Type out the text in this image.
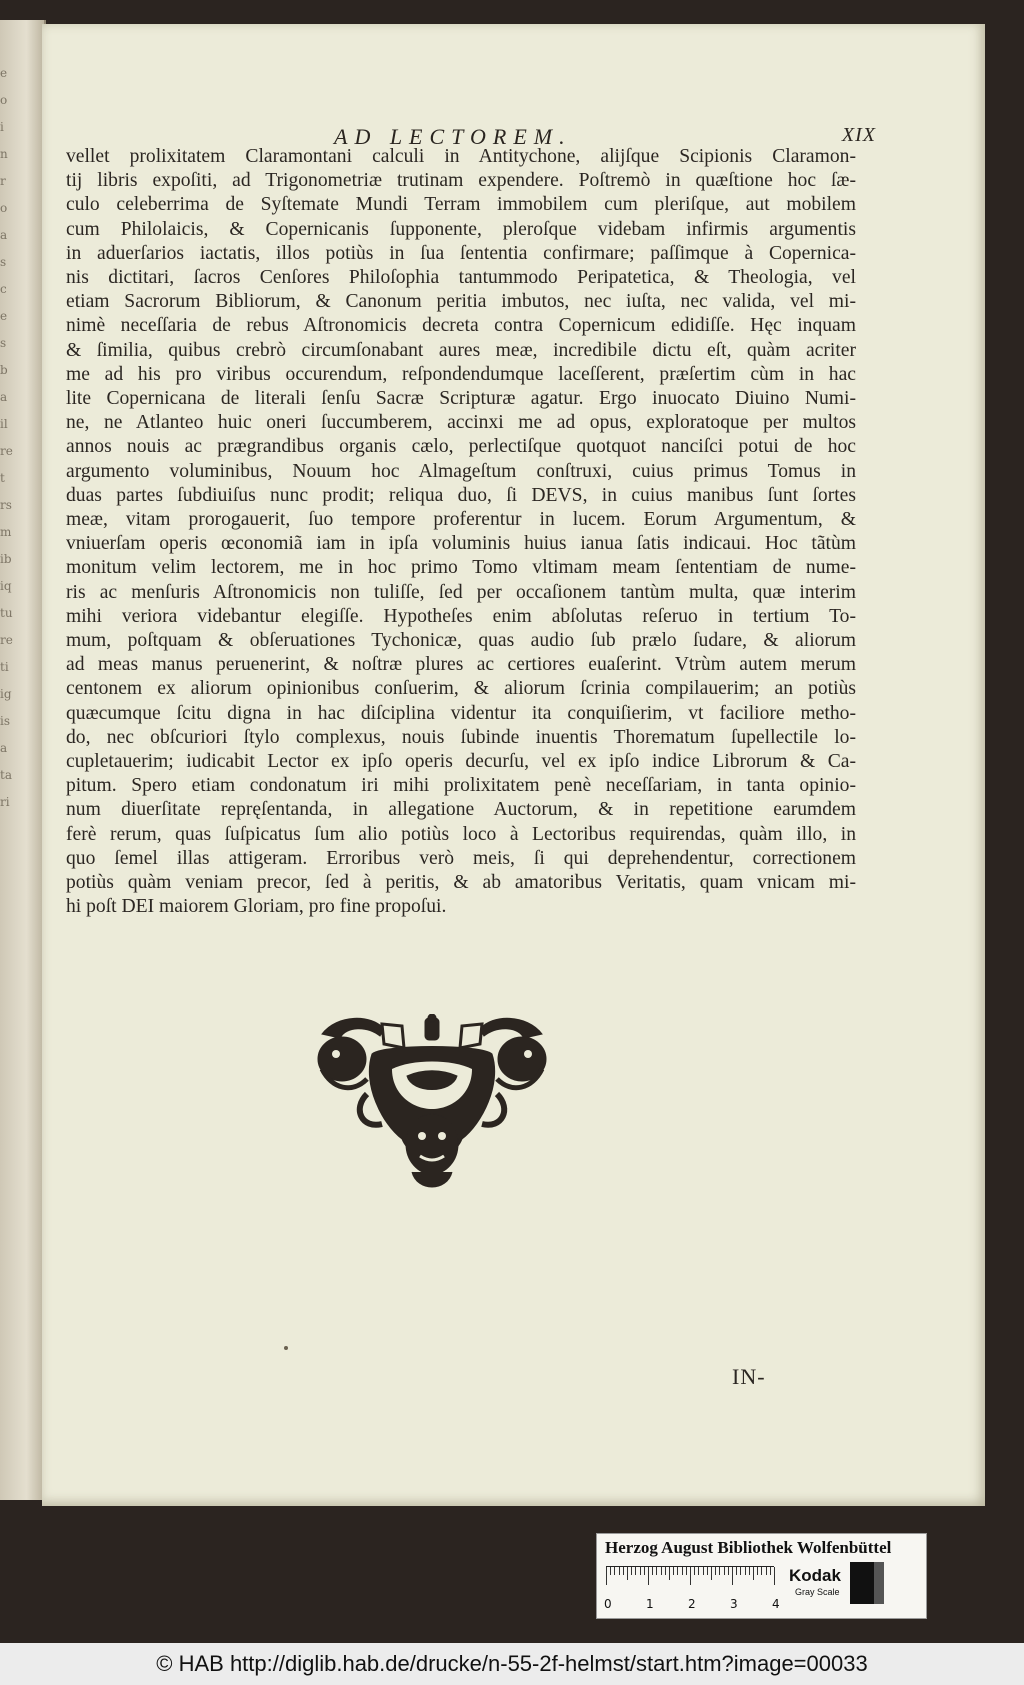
e
o
i
n
r
o
a
s
c
e
s
b
a
il
re
t
rs
m
ib
iq
tu
re
ti
ig
is
a
ta
ri
AD LECTOREM.	XIX
vellet prolixitatem Claramontani calculi in Antitychone, alijſque Scipionis Claramon-
tij libris expoſiti, ad Trigonometriæ trutinam expendere. Poſtremò in quæſtione hoc ſæ-
culo celeberrima de Syſtemate Mundi Terram immobilem cum pleriſque, aut mobilem
cum Philolaicis, & Copernicanis ſupponente, pleroſque videbam infirmis argumentis
in aduerſarios iactatis, illos potiùs in ſua ſententia confirmare; paſſimque à Copernica-
nis dictitari, ſacros Cenſores Philoſophia tantummodo Peripatetica, & Theologia, vel
etiam Sacrorum Bibliorum, & Canonum peritia imbutos, nec iuſta, nec valida, vel mi-
nimè neceſſaria de rebus Aſtronomicis decreta contra Copernicum edidiſſe. Hęc inquam
& ſimilia, quibus crebrò circumſonabant aures meæ, incredibile dictu eſt, quàm acriter
me ad his pro viribus occurendum, reſpondendumque laceſſerent, præſertim cùm in hac
lite Copernicana de literali ſenſu Sacræ Scripturæ agatur. Ergo inuocato Diuino Numi-
ne, ne Atlanteo huic oneri ſuccumberem, accinxi me ad opus, exploratoque per multos
annos nouis ac prægrandibus organis cælo, perlectiſque quotquot nanciſci potui de hoc
argumento voluminibus, Nouum hoc Almageſtum conſtruxi, cuius primus Tomus in
duas partes ſubdiuiſus nunc prodit; reliqua duo, ſi DEVS, in cuius manibus ſunt ſortes
meæ, vitam prorogauerit, ſuo tempore proferentur in lucem. Eorum Argumentum, &
vniuerſam operis œconomiã iam in ipſa voluminis huius ianua ſatis indicaui. Hoc tãtùm
monitum velim lectorem, me in hoc primo Tomo vltimam meam ſententiam de nume-
ris ac menſuris Aſtronomicis non tuliſſe, ſed per occaſionem tantùm multa, quæ interim
mihi veriora videbantur elegiſſe. Hypotheſes enim abſolutas reſeruo in tertium To-
mum, poſtquam & obſeruationes Tychonicæ, quas audio ſub prælo ſudare, & aliorum
ad meas manus peruenerint, & noſtræ plures ac certiores euaſerint. Vtrùm autem merum
centonem ex aliorum opinionibus conſuerim, & aliorum ſcrinia compilauerim; an potiùs
quæcumque ſcitu digna in hac diſciplina videntur ita conquiſierim, vt faciliore metho-
do, nec obſcuriori ſtylo complexus, nouis ſubinde inuentis Thorematum ſupellectile lo-
cupletauerim; iudicabit Lector ex ipſo operis decurſu, vel ex ipſo indice Librorum & Ca-
pitum. Spero etiam condonatum iri mihi prolixitatem penè neceſſariam, in tanta opinio-
num diuerſitate repręſentanda, in allegatione Auctorum, & in repetitione earumdem
ferè rerum, quas ſuſpicatus ſum alio potiùs loco à Lectoribus requirendas, quàm illo, in
quo ſemel illas attigeram. Erroribus verò meis, ſi qui deprehendentur, correctionem
potiùs quàm veniam precor, ſed à peritis, & ab amatoribus Veritatis, quam vnicam mi-
hi poſt DEI maiorem Gloriam, pro fine propoſui.
IN-
Herzog August Bibliothek Wolfenbüttel
0	1	2	3	4
Kodak
Gray Scale
© HAB http://diglib.hab.de/drucke/n-55-2f-helmst/start.htm?image=00033
